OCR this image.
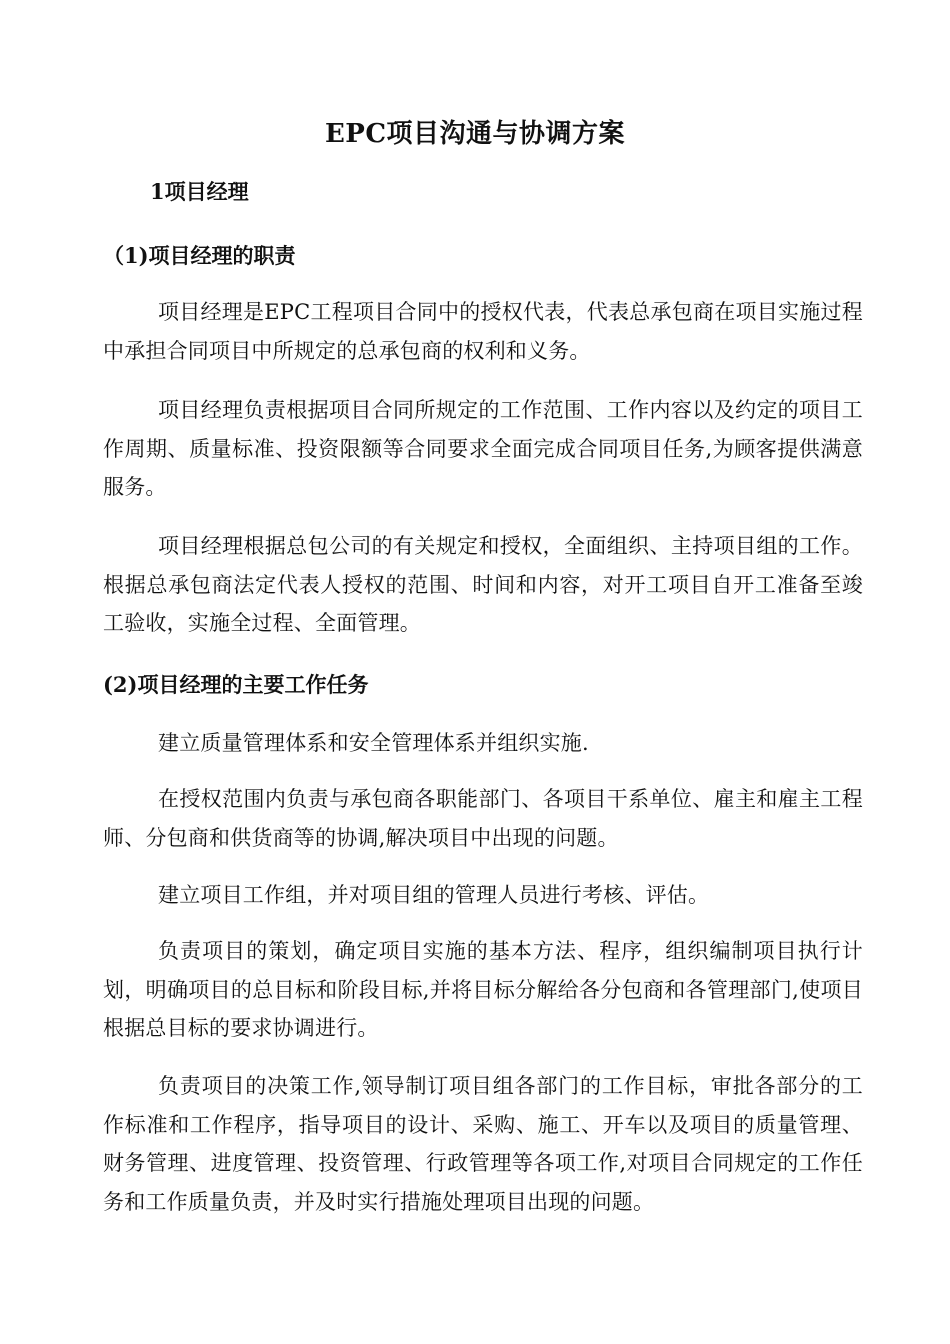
EPC项目沟通与协调方案
1项目经理
（1)项目经理的职责

项目经理是EPC工程项目合同中的授权代表，代表总承包商在项目实施过程中承担合同项目中所规定的总承包商的权利和义务。

项目经理负责根据项目合同所规定的工作范围、工作内容以及约定的项目工作周期、质量标准、投资限额等合同要求全面完成合同项目任务,为顾客提供满意服务。

项目经理根据总包公司的有关规定和授权，全面组织、主持项目组的工作。根据总承包商法定代表人授权的范围、时间和内容，对开工项目自开工准备至竣工验收，实施全过程、全面管理。

(2)项目经理的主要工作任务

建立质量管理体系和安全管理体系并组织实施.

在授权范围内负责与承包商各职能部门、各项目干系单位、雇主和雇主工程师、分包商和供货商等的协调,解决项目中出现的问题。

建立项目工作组，并对项目组的管理人员进行考核、评估。

负责项目的策划，确定项目实施的基本方法、程序，组织编制项目执行计划，明确项目的总目标和阶段目标,并将目标分解给各分包商和各管理部门,使项目根据总目标的要求协调进行。

负责项目的决策工作,领导制订项目组各部门的工作目标，审批各部分的工作标准和工作程序，指导项目的设计、采购、施工、开车以及项目的质量管理、财务管理、进度管理、投资管理、行政管理等各项工作,对项目合同规定的工作任务和工作质量负责，并及时实行措施处理项目出现的问题。
